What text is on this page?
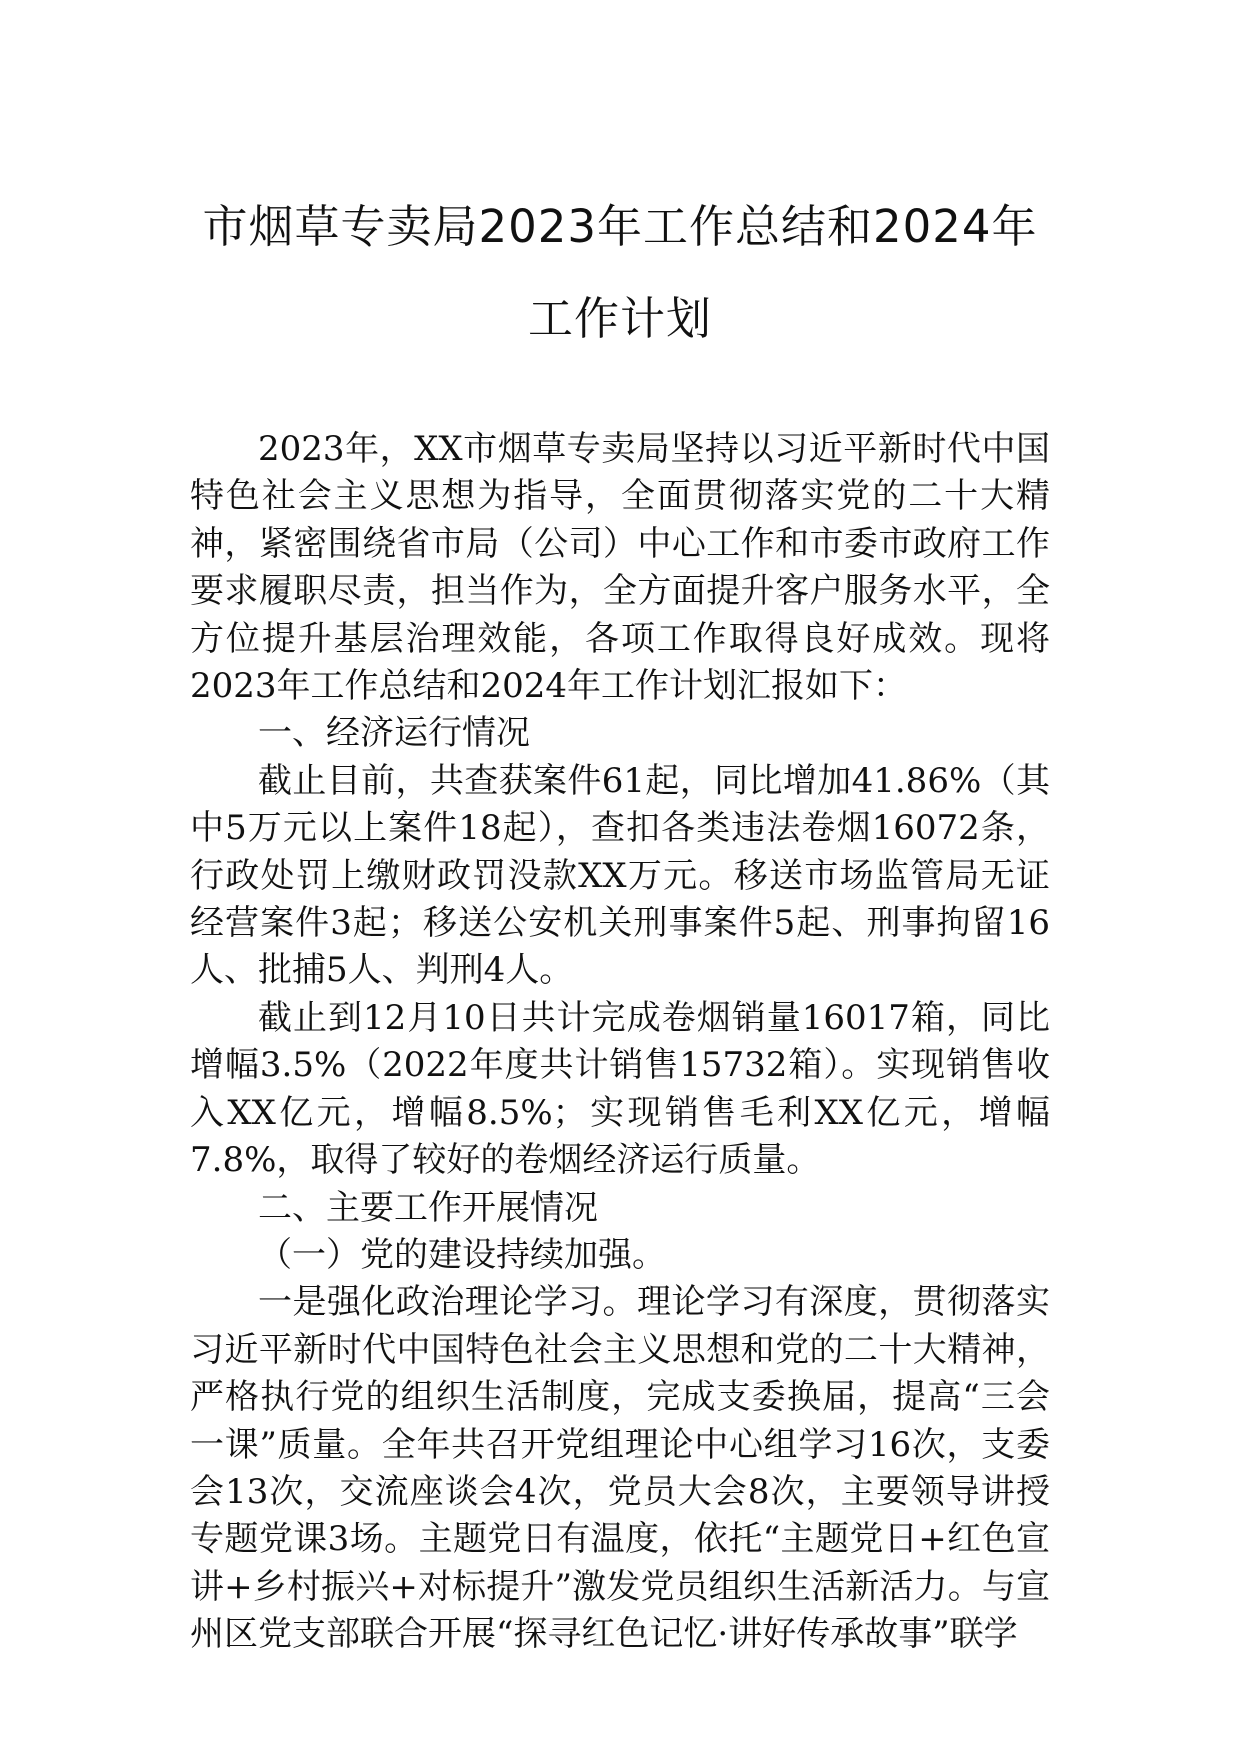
市烟草专卖局2023年工作总结和2024年
工作计划

2023年，XX市烟草专卖局坚持以习近平新时代中国特色社会主义思想为指导，全面贯彻落实党的二十大精神，紧密围绕省市局（公司）中心工作和市委市政府工作要求履职尽责，担当作为，全方面提升客户服务水平，全方位提升基层治理效能，各项工作取得良好成效。现将2023年工作总结和2024年工作计划汇报如下：

一、经济运行情况

截止目前，共查获案件61起，同比增加41.86%（其中5万元以上案件18起），查扣各类违法卷烟16072条，行政处罚上缴财政罚没款XX万元。移送市场监管局无证经营案件3起；移送公安机关刑事案件5起、刑事拘留16人、批捕5人、判刑4人。

截止到12月10日共计完成卷烟销量16017箱，同比增幅3.5%（2022年度共计销售15732箱）。实现销售收入XX亿元，增幅8.5%；实现销售毛利XX亿元，增幅7.8%，取得了较好的卷烟经济运行质量。

二、主要工作开展情况

（一）党的建设持续加强。

一是强化政治理论学习。理论学习有深度，贯彻落实习近平新时代中国特色社会主义思想和党的二十大精神，严格执行党的组织生活制度，完成支委换届，提高“三会一课”质量。全年共召开党组理论中心组学习16次，支委会13次，交流座谈会4次，党员大会8次，主要领导讲授专题党课3场。主题党日有温度，依托“主题党日+红色宣讲+乡村振兴+对标提升”激发党员组织生活新活力。与宣州区党支部联合开展“探寻红色记忆·讲好传承故事”联学
